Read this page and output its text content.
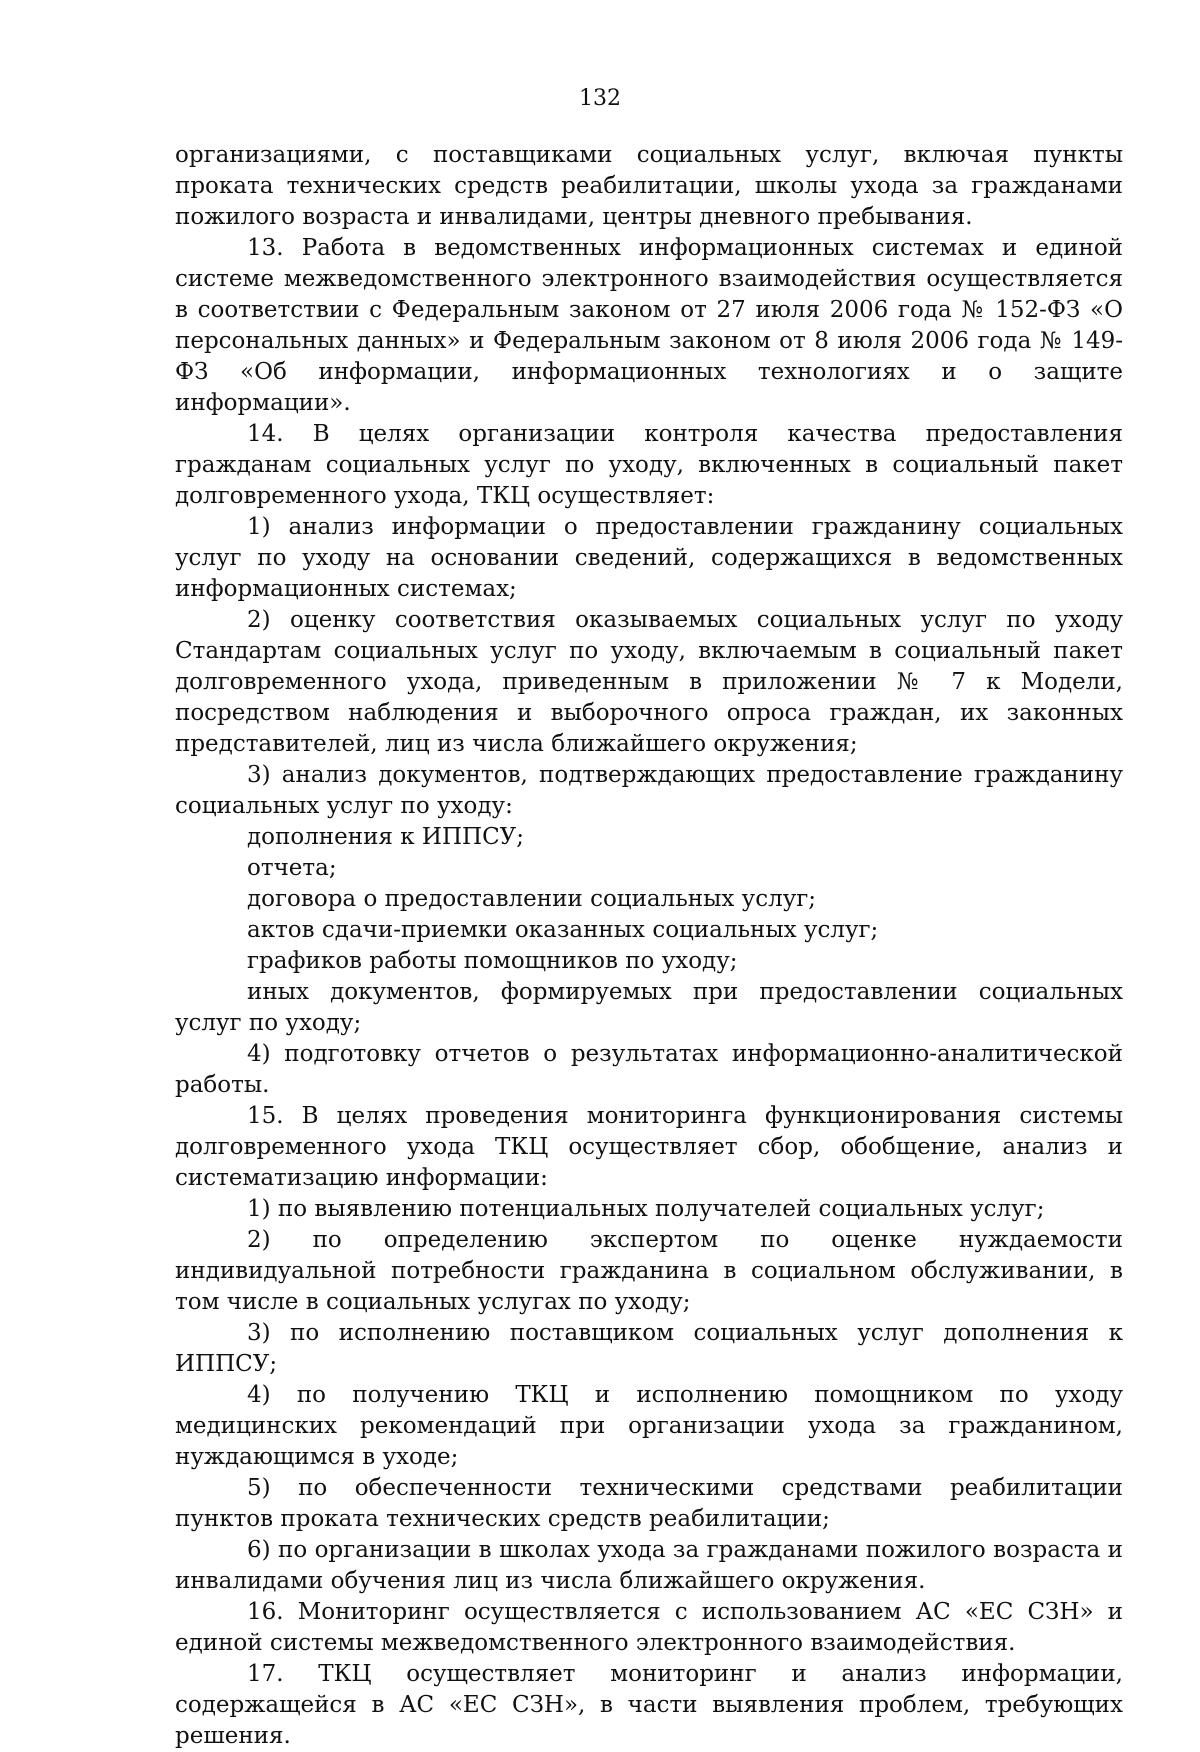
132

организациями, с поставщиками социальных услуг, включая пункты проката технических средств реабилитации, школы ухода за гражданами пожилого возраста и инвалидами, центры дневного пребывания.

13. Работа в ведомственных информационных системах и единой системе межведомственного электронного взаимодействия осуществляется в соответствии с Федеральным законом от 27 июля 2006 года № 152-ФЗ «О персональных данных» и Федеральным законом от 8 июля 2006 года № 149-ФЗ «Об информации, информационных технологиях и о защите информации».

14. В целях организации контроля качества предоставления гражданам социальных услуг по уходу, включенных в социальный пакет долговременного ухода, ТКЦ осуществляет:

1) анализ информации о предоставлении гражданину социальных услуг по уходу на основании сведений, содержащихся в ведомственных информационных системах;

2) оценку соответствия оказываемых социальных услуг по уходу Стандартам социальных услуг по уходу, включаемым в социальный пакет долговременного ухода, приведенным в приложении № 7 к Модели, посредством наблюдения и выборочного опроса граждан, их законных представителей, лиц из числа ближайшего окружения;

3) анализ документов, подтверждающих предоставление гражданину социальных услуг по уходу:

дополнения к ИППСУ;

отчета;

договора о предоставлении социальных услуг;

актов сдачи-приемки оказанных социальных услуг;

графиков работы помощников по уходу;

иных документов, формируемых при предоставлении социальных услуг по уходу;

4) подготовку отчетов о результатах информационно-аналитической работы.

15. В целях проведения мониторинга функционирования системы долговременного ухода ТКЦ осуществляет сбор, обобщение, анализ и систематизацию информации:

1) по выявлению потенциальных получателей социальных услуг;

2) по определению экспертом по оценке нуждаемости индивидуальной потребности гражданина в социальном обслуживании, в том числе в социальных услугах по уходу;

3) по исполнению поставщиком социальных услуг дополнения к ИППСУ;

4) по получению ТКЦ и исполнению помощником по уходу медицинских рекомендаций при организации ухода за гражданином, нуждающимся в уходе;

5) по обеспеченности техническими средствами реабилитации пунктов проката технических средств реабилитации;

6) по организации в школах ухода за гражданами пожилого возраста и инвалидами обучения лиц из числа ближайшего окружения.

16. Мониторинг осуществляется с использованием АС «ЕС СЗН» и единой системы межведомственного электронного взаимодействия.

17. ТКЦ осуществляет мониторинг и анализ информации, содержащейся в АС «ЕС СЗН», в части выявления проблем, требующих решения.
